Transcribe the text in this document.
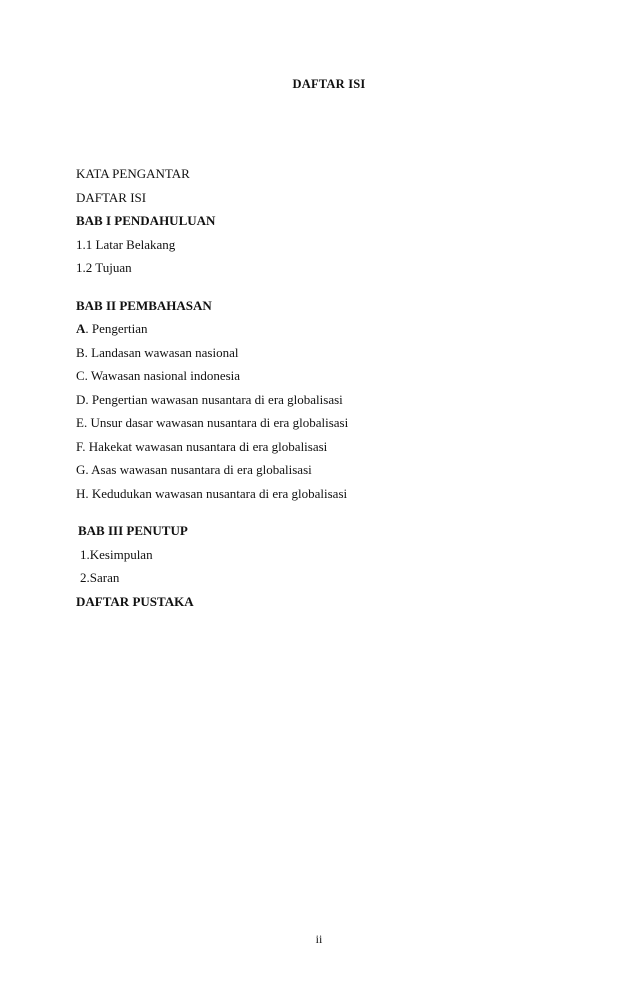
DAFTAR ISI
KATA PENGANTAR
DAFTAR ISI
BAB I PENDAHULUAN
1.1 Latar Belakang
1.2 Tujuan
BAB II PEMBAHASAN
A. Pengertian
B. Landasan wawasan nasional
C. Wawasan nasional indonesia
D. Pengertian wawasan nusantara di era globalisasi
E. Unsur dasar wawasan nusantara di era globalisasi
F. Hakekat wawasan nusantara di era globalisasi
G. Asas wawasan nusantara di era globalisasi
H. Kedudukan wawasan nusantara di era globalisasi
BAB III PENUTUP
1.Kesimpulan
2.Saran
DAFTAR PUSTAKA
ii
